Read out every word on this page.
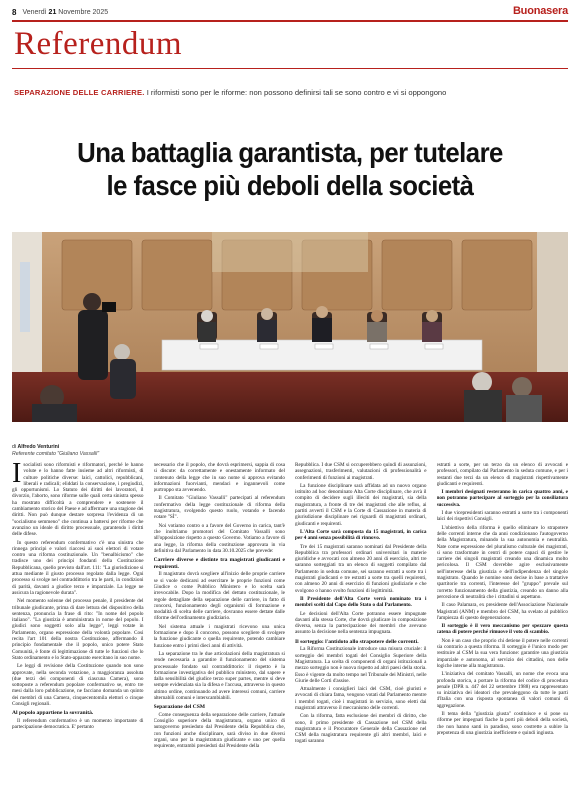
8 Venerdì 21 Novembre 2025	Buonasera
Referendum
SEPARAZIONE DELLE CARRIERE. I riformisti sono per le riforme: non possono definirsi tali se sono contro e vi si oppongono
Una battaglia garantista, per tutelare
le fasce più deboli della società
di Alfredo Venturini
Referente comitato "Giuliano Vassalli"

Isocialisti sono riformisti e riformatori, perché le hanno volute e lo hanno fatte insieme ad altri riformisti, di culture politiche diverse: laici, cattolici, repubblicani, liberali e radicali; eliddati la conservazione, i pregiudizi, gli opportunismi. Lo Statuto dei diritti dei lavoratori, il divorzio, l'aborto, sono riforme sulle quali certa sinistra spesso ha mostrato difficoltà a comprendere e sostenere il cambiamento storico del Paese e ad affermare una stagione dei diritti. Non può dunque destare sorpresa l'evidenza di un "socialismo semmeno" che continua a battersi per riforme che avanzino un ideale di diritto processuale, garantendo i diritti delle difese.

In questo referendum confermativo c'è una sinistra che rinnega principi e valori riaccesi ai suoi elettori di votare contro una riforma costituzionale. Un "benalbicismo" che tradisce uno dei principi fondanti della Costituzione Repubblicana, quello previsto dall'art. 111: "La giurisdizione si attua mediante il giusto processo regolato dalla legge. Ogni processo si svolge nel contraddittorio tra le parti, in condizioni di parità, davanti a giudice terzo e imparziale. La legge ne assicura la ragionevole durata".

Nel momento solenne del processo penale, il presidente del tribunale giudicante, prima di dare lettura del dispositivo della sentenza, pronuncia la frase di rito: "In nome del popolo italiano". "La giustizia è amministrata in nome del popolo. I giudici sono soggetti solo alla legge", leggi votate in Parlamento, organo espressione della volontà popolare. Così recita l'art 101 della nostra Costituzione, affermando il principio fondamentale che il popolo, unico potere Stato Comunità, è fonte di legittimazione di tutte le funzioni che lo Stato ordinamento e lo Stato-apparato esercitano in suo nome.

Le leggi di revisione della Costituzione quando non sono approvate, nella seconda votazione, a maggioranza assoluta (due terzi dei componenti di ciascuna Camera), sono sottoposte a referendum popolare confermativo se, entro tre mesi dalla loro pubblicazione, ne facciano domanda un quinto dei membri di una Camera, cinquecentomila elettori o cinque Consigli regionali.

Al popolo appartiene la sovranità.

Il referendum confermativo è un momento importante di partecipazione democratica. E' pertanto

necessario che il popolo, che dovrà esprimersi, sappia di cosa si discute: da correttamente e onestamente informato del contenuto della legge che in suo nome si approva evitando informazioni fuorvianti, mendaci e ingannevoli come purtroppo sta avvenendo.

Il Comitato "Giuliano Vassalli" partecipati al referendum confermativo della legge costituzionale di riforma della magistratura, svolgendo questo ruolo, votando e facendo votare "SÌ".

Noi votiamo contro o a favore del Governo in carica, tant'è che inoltriamo promotori del Comitato Vassalli sono all'opposizione rispetto a questo Governo. Votiamo a favore di una legge, la riforma della costituzione approvata in via definitiva dal Parlamento in data 30.10.2025 che prevede:

Carriere diverse e distinte tra magistrati giudicanti e requirenti.

Il magistrato dovrà scegliere all'inizio delle proprie carriere se si vuole dedicarsi ad esercitare le proprie funzioni come Giudice o come Pubblico Ministero e lo scelta sarà irrevocabile. Dopo la modifica del dettato costituzionale, le regole dettagliate della separazione delle carriere, in fatto di concorsi, funzionamento degli organismi di formazione e modalità di scelta delle carriere, dovranno essere dettate dalle riforme dell'ordinamento giudiziario.

Nel sistema attuale i magistrati ricevono una unica formazione e dopo il concorso, possono scegliere di svolgere la funzione giudicante o quella requirente, potendo cambiare funzione entro i primi dieci anni di attività.

La separazione tra le due articolazioni della magistratura si rende necessaria a garantire il funzionamento del sistema processuale fondato sul contraddittorio: il rispetto è la formazione investigativa del pubblico ministero, dal sapere e dalla sensibilità del giudice terzo super partes, mentre si deve sempre evidenziata sia la difesa e l'accusa, attraverso in questo ultimo ordine, continuando ad avere interessi comuni, carriere alternabili comuni e interscambiabili.

Separazione del CSM

Come conseguenza della separazione delle carriere, l'attuale Consiglio superiore della magistratura, organo unico di autogoverno presieduto dal Presidente della Repubblica che, con funzioni anche disciplinare, sarà diviso in due diversi organi, uno per la magistratura giudicante e uno per quella requirente, entrambi presieduti dal Presidente della

Repubblica. I due CSM si occuperebbero quindi di assunzioni, assegnazioni, trasferimenti, valutazioni di professionalità e conferimenti di funzioni ai magistrati.

La funzione disciplinare sarà affidata ad un nuovo organo istituito ad hoc denominato Alta Corte disciplinare, che avrà il compito di decidere sugli illeciti dei magistrati, sia della magistratura, a fronte di tre dei magistrati che alle reflus, ai partiti avverti il CSM e la Corte di Cassazione in materia di giurisdizione disciplinare nei riguardi di magistrati ordinari, giudicanti e requirenti.

L'Alta Corte sarà composta da 15 magistrati, in carica per 4 anni senza possibilità di rinnovo.

Tre dei 15 magistrati saranno nominati dal Presidente della Repubblica tra professori ordinari universitari in materie giuridiche e avvocati con almeno 20 anni di esercizio, altri tre saranno sorteggiati tra un elenco di soggetti compilato dal Parlamento in seduta comune, sei saranno estratti a sorte tra i magistrati giudicanti e tre estratti a sorte tra quelli requirenti, con almeno 20 anni di esercizio di funzioni giudiziarie e che svolgono o hanno svolto funzioni di legittimità.

Il Presidente dell'Alta Corte verrà nominato tra i membri scelti dal Capo dello Stato o dal Parlamento.

Le decisioni dell'Alta Corte potranno essere impugnate davanti alla stessa Corte, che dovrà giudicare in composizione diversa, senza la partecipazione dei membri che avevano assunto la decisione nella sentenza impugnata.

Il sorteggio: l'antidoto allo strapotere delle correnti.

La Riforma Costituzionale introduce una misura cruciale: il sorteggio dei membri togati del Consiglio Superiore della Magistratura. La scelta di componenti di organi istituzionali a mezzo sorteggio non è nuova rispetto ad altri paesi della storia. Esso è vigente da molto tempo nel Tribunale dei Ministri, nelle Giurie delle Corti d'assise.

Attualmente i consiglieri laici del CSM, cioè giuristi e avvocati di chiara fama, vengono votati dal Parlamento mentre i membri togati, cioè i magistrati in servizio, sono eletti dai magistrati attraverso il meccanismo delle correnti.

Con la riforma, fatta esclusione dei membri di diritto, che sono, il primo presidente di Cassazione nel CSM della magistratura e il Procuratore Generale della Cassazione nel CSM della magistratura requirente gli altri membri, laici e togati saranno

estratti a sorte, per un terzo da un elenco di avvocati e professori, compilato dal Parlamento in seduta comune, e per i restanti due terzi da un elenco di magistrati rispettivamente giudicanti e requirenti.

I membri designati resteranno in carica quattro anni, e non potranno partecipare al sorteggio per la consiliatura successiva.

I due vicepresidenti saranno estratti a sorte tra i componenti laici dei rispettivi Consigli.

L'obiettivo della riforma è quello eliminare lo strapotere delle correnti interne che da anni condizionano l'autogoverno della Magistratura, minando la sua autonomia e neutralità. Nate come espressione del pluralismo culturale dei magistrati, si sono trasformate in centri di potere capaci di gestire le carriere dei singoli magistrati creando una dinamica molto pericolosa. Il CSM dovrebbe agire esclusivamente nell'interesse della giustizia e dell'indipendenza del singolo magistrato. Quando le nomine sono decise in base a trattative spartitorie tra correnti, l'interesse del "gruppo" prevale sul corretto funzionamento della giustizia, creando un danno alla percezione di neutralità che i cittadini si aspettano.

Il caso Palamara, ex presidente dell'Associazione Nazionale Magistrati (ANM) e membro del CSM, ha svelato al pubblico l'ampiezza di questo degenerazione.

Il sorteggio è il vero meccanismo per spezzare questa catena di potere perché rimuove il voto di scambio.

Non è un caso che proprio chi detiene il potere nelle correnti sia contrario a questa riforma. Il sorteggio è l'unico modo per restituire al CSM la sua vera funzione: garantire una giustizia imparziale e autonoma, al servizio dei cittadini, non delle logiche interne alla magistratura.

L'iniziativa del comitato Vassalli, un nome che evoca una profonda storica, a portare la riforma del codice di procedura penale (DPR n. 447 del 22 settembre 1988) era rappresentato su iniziativa dei ideatori che prevaleggono da tutte le parti d'Italia con una risposta spontanea di valori comuni di aggregazione.

Il tema della "giustizia giusta" costituisce e si pone su riforme per impegnati fiache la porti più deboli della società, che non hanno santi in paradiso, sono costrette a subire la prepotenza di una giustizia inefficiente e quindi ingiusta.
